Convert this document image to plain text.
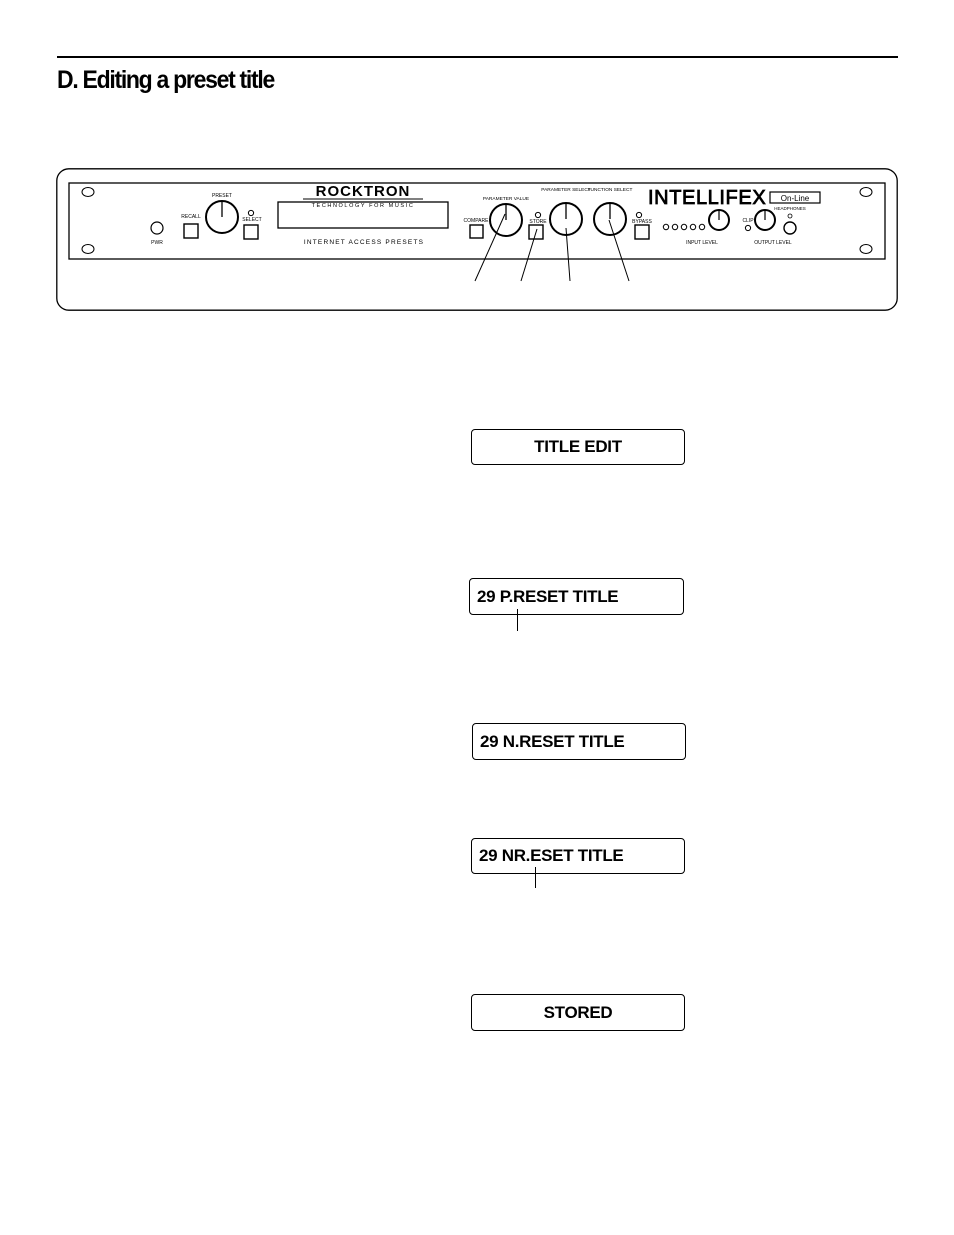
D. Editing a preset title
PWR
RECALL
PRESET
SELECT
ROCKTRON
TECHNOLOGY FOR MUSIC
INTERNET ACCESS PRESETS
COMPARE
PARAMETER VALUE
STORE
PARAMETER SELECT
FUNCTION SELECT
BYPASS
INTELLIFEX On-Line
INPUT LEVEL
CLIP
OUTPUT LEVEL
HEADPHONES
TITLE EDIT
29 P.RESET TITLE
29 N.RESET TITLE
29 NR.ESET TITLE
STORED
